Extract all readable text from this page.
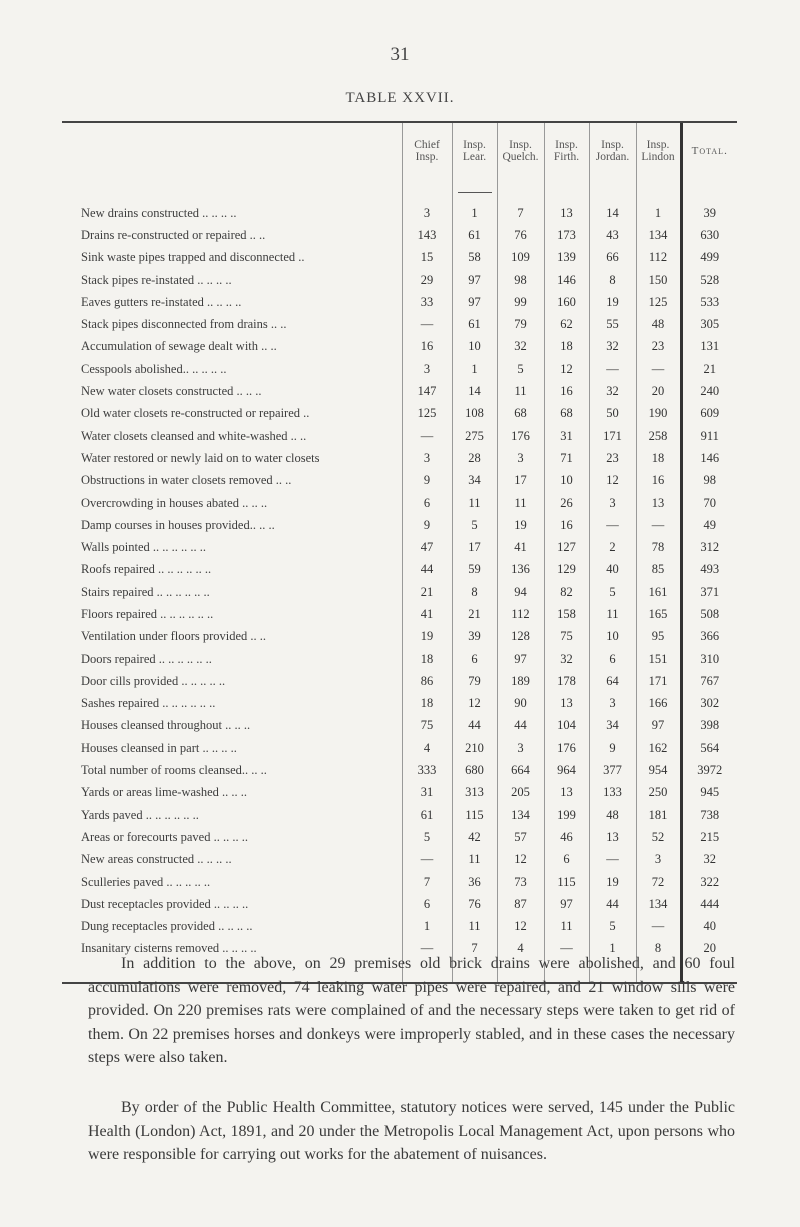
31
TABLE XXVII.
	Chief Insp.	Insp. Lear.	Insp. Quelch.	Insp. Firth.	Insp. Jordan.	Insp. Lindon	Total.

New drains constructed .. .. .. ..	3	1	7	13	14	1	39
Drains re-constructed or repaired .. ..	143	61	76	173	43	134	630
Sink waste pipes trapped and disconnected ..	15	58	109	139	66	112	499
Stack pipes re-instated .. .. .. ..	29	97	98	146	8	150	528
Eaves gutters re-instated .. .. .. ..	33	97	99	160	19	125	533
Stack pipes disconnected from drains .. ..	—	61	79	62	55	48	305
Accumulation of sewage dealt with .. ..	16	10	32	18	32	23	131
Cesspools abolished.. .. .. .. ..	3	1	5	12	—	—	21
New water closets constructed .. .. ..	147	14	11	16	32	20	240
Old water closets re-constructed or repaired ..	125	108	68	68	50	190	609
Water closets cleansed and white-washed .. ..	—	275	176	31	171	258	911
Water restored or newly laid on to water closets	3	28	3	71	23	18	146
Obstructions in water closets removed .. ..	9	34	17	10	12	16	98
Overcrowding in houses abated .. .. ..	6	11	11	26	3	13	70
Damp courses in houses provided.. .. ..	9	5	19	16	—	—	49
Walls pointed .. .. .. .. .. ..	47	17	41	127	2	78	312
Roofs repaired .. .. .. .. .. ..	44	59	136	129	40	85	493
Stairs repaired .. .. .. .. .. ..	21	8	94	82	5	161	371
Floors repaired .. .. .. .. .. ..	41	21	112	158	11	165	508
Ventilation under floors provided .. ..	19	39	128	75	10	95	366
Doors repaired .. .. .. .. .. ..	18	6	97	32	6	151	310
Door cills provided .. .. .. .. ..	86	79	189	178	64	171	767
Sashes repaired .. .. .. .. .. ..	18	12	90	13	3	166	302
Houses cleansed throughout .. .. ..	75	44	44	104	34	97	398
Houses cleansed in part .. .. .. ..	4	210	3	176	9	162	564
Total number of rooms cleansed.. .. ..	333	680	664	964	377	954	3972
Yards or areas lime-washed .. .. ..	31	313	205	13	133	250	945
Yards paved .. .. .. .. .. ..	61	115	134	199	48	181	738
Areas or forecourts paved .. .. .. ..	5	42	57	46	13	52	215
New areas constructed .. .. .. ..	—	11	12	6	—	3	32
Sculleries paved .. .. .. .. ..	7	36	73	115	19	72	322
Dust receptacles provided .. .. .. ..	6	76	87	97	44	134	444
Dung receptacles provided .. .. .. ..	1	11	12	11	5	—	40
Insanitary cisterns removed .. .. .. ..	—	7	4	—	1	8	20

In addition to the above, on 29 premises old brick drains were abolished, and 60 foul accumulations were removed, 74 leaking water pipes were repaired, and 21 window sills were provided. On 220 premises rats were complained of and the necessary steps were taken to get rid of them. On 22 premises horses and donkeys were improperly stabled, and in these cases the necessary steps were also taken.

By order of the Public Health Committee, statutory notices were served, 145 under the Public Health (London) Act, 1891, and 20 under the Metropolis Local Management Act, upon persons who were responsible for carrying out works for the abatement of nuisances.
